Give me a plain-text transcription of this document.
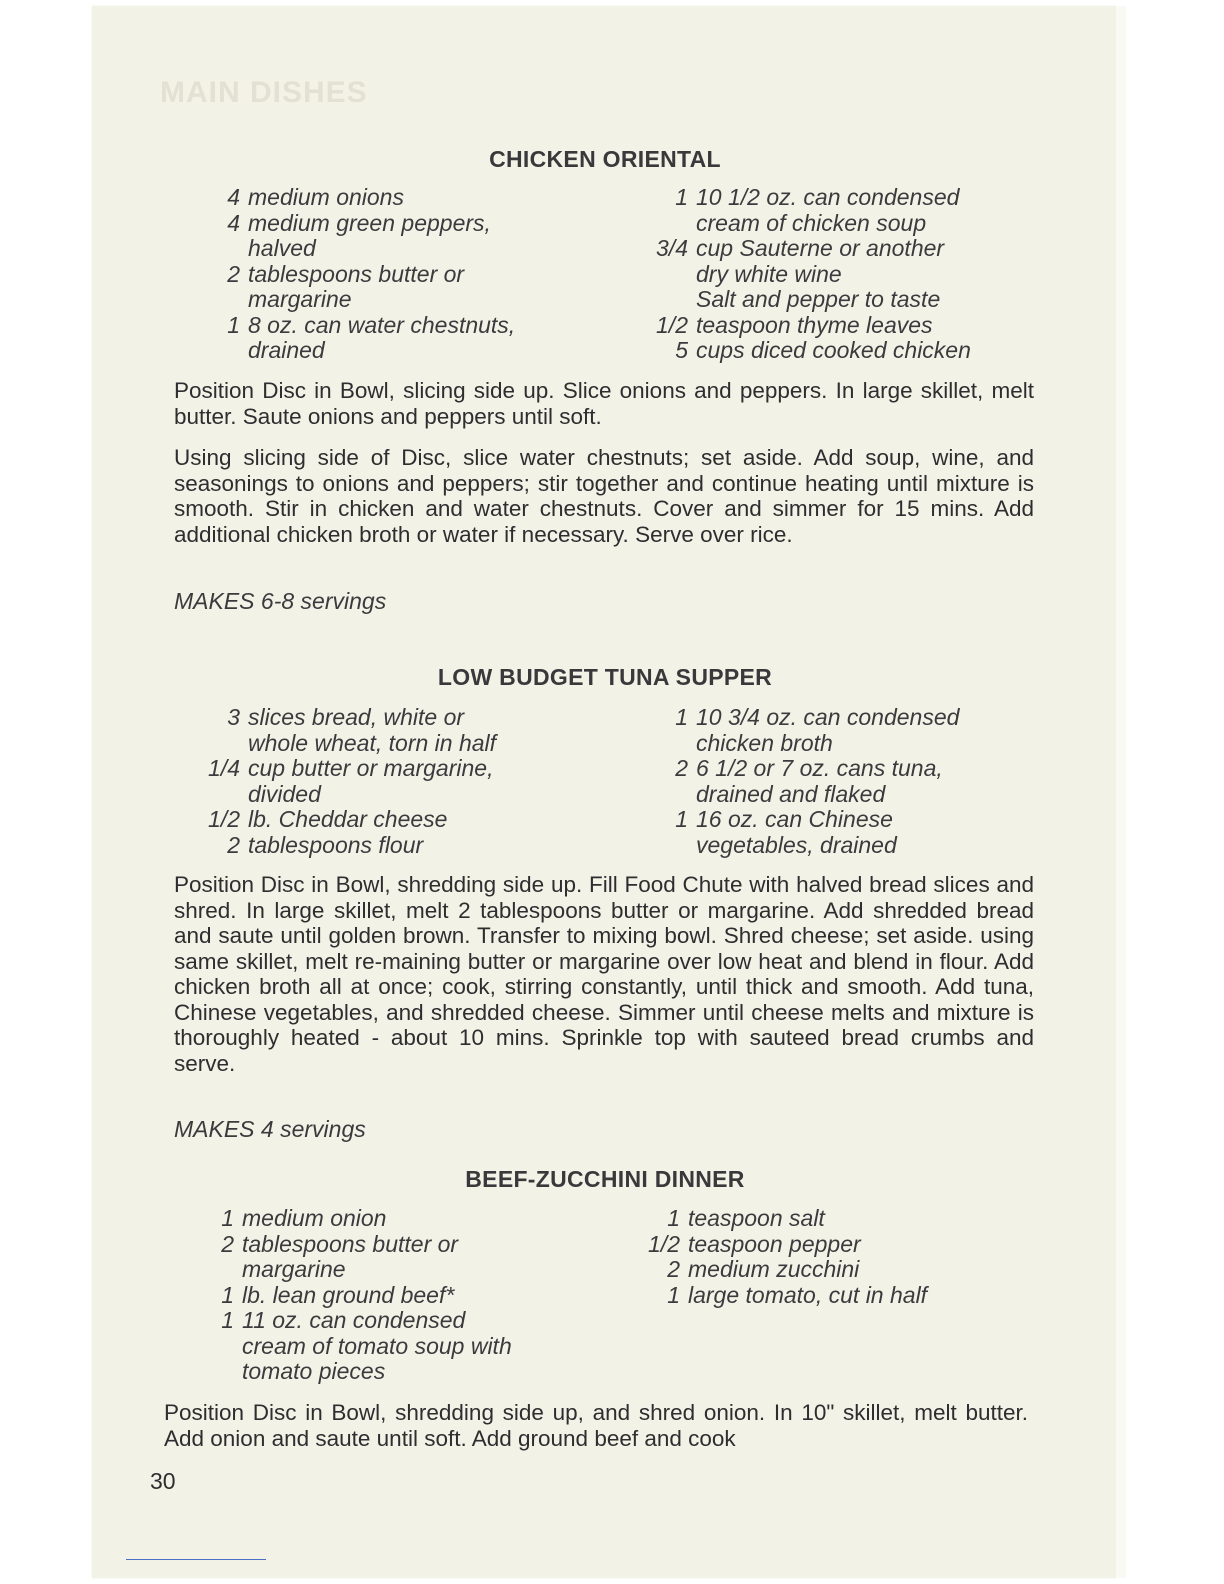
MAIN DISHES
CHICKEN ORIENTAL
4 medium onions
4 medium green peppers,
halved
2 tablespoons butter or
margarine
1 8 oz. can water chestnuts,
drained
1 10 1/2 oz. can condensed
cream of chicken soup
3/4 cup Sauterne or another
dry white wine
Salt and pepper to taste
1/2 teaspoon thyme leaves
5 cups diced cooked chicken

Position Disc in Bowl, slicing side up. Slice onions and peppers. In large skillet, melt butter. Saute onions and peppers until soft.

Using slicing side of Disc, slice water chestnuts; set aside. Add soup, wine, and seasonings to onions and peppers; stir together and continue heating until mixture is smooth. Stir in chicken and water chestnuts. Cover and simmer for 15 mins. Add additional chicken broth or water if necessary. Serve over rice.

MAKES 6-8 servings

LOW BUDGET TUNA SUPPER
3 slices bread, white or
whole wheat, torn in half
1/4 cup butter or margarine,
divided
1/2 lb. Cheddar cheese
2 tablespoons flour
1 10 3/4 oz. can condensed
chicken broth
2 6 1/2 or 7 oz. cans tuna,
drained and flaked
1 16 oz. can Chinese
vegetables, drained

Position Disc in Bowl, shredding side up. Fill Food Chute with halved bread slices and shred. In large skillet, melt 2 tablespoons butter or margarine. Add shredded bread and saute until golden brown. Transfer to mixing bowl. Shred cheese; set aside. using same skillet, melt re-maining butter or margarine over low heat and blend in flour. Add chicken broth all at once; cook, stirring constantly, until thick and smooth. Add tuna, Chinese vegetables, and shredded cheese. Simmer until cheese melts and mixture is thoroughly heated - about 10 mins. Sprinkle top with sauteed bread crumbs and serve.

MAKES 4 servings

BEEF-ZUCCHINI DINNER
1 medium onion
2 tablespoons butter or
margarine
1 lb. lean ground beef*
1 11 oz. can condensed
cream of tomato soup with
tomato pieces
1 teaspoon salt
1/2 teaspoon pepper
2 medium zucchini
1 large tomato, cut in half

Position Disc in Bowl, shredding side up, and shred onion. In 10" skillet, melt butter. Add onion and saute until soft. Add ground beef and cook

30
